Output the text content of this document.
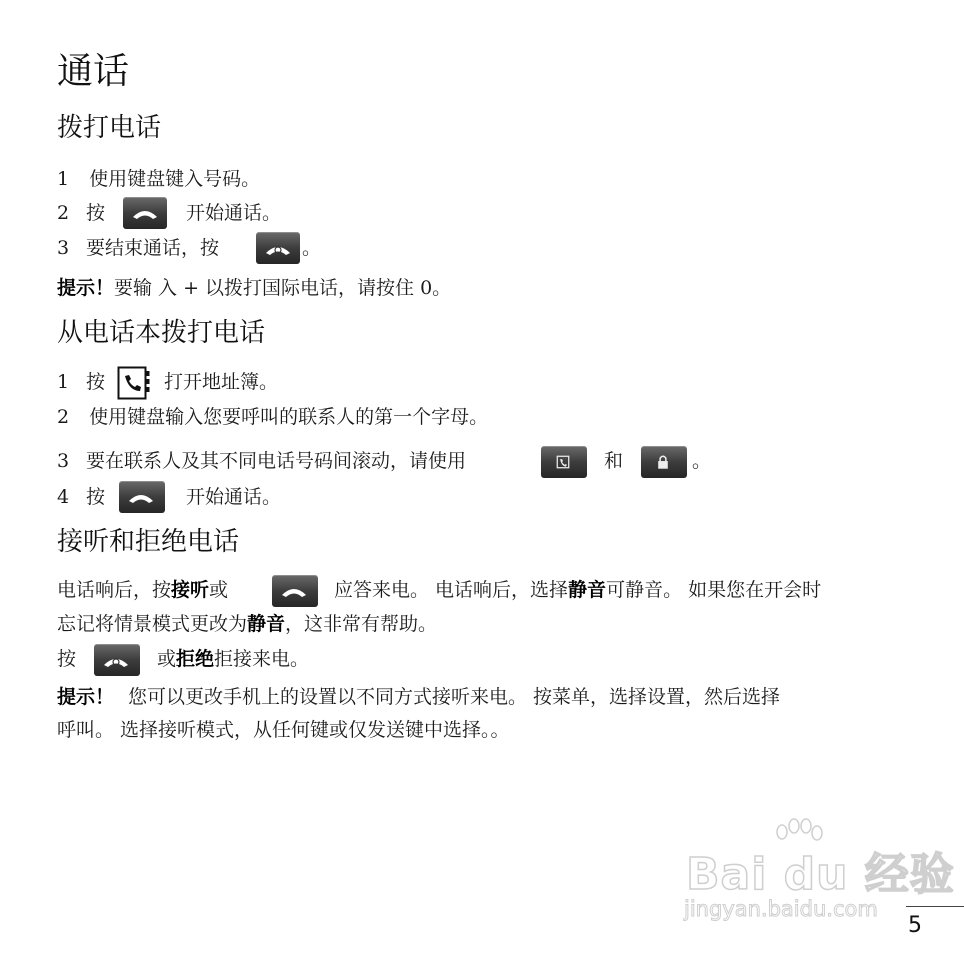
通话
拨打电话
1 使用键盘键入号码。
2 按	开始通话。
3 要结束通话，按	。
提示！要输 入 + 以拨打国际电话，请按住 0。
从电话本拨打电话
1 按	打开地址簿。
2 使用键盘输入您要呼叫的联系人的第一个字母。
3 要在联系人及其不同电话号码间滚动，请使用	和	。
4 按	开始通话。
接听和拒绝电话
电话响后，按接听或	应答来电。 电话响后，选择静音可静音。 如果您在开会时
忘记将情景模式更改为静音，这非常有帮助。
按	或拒绝拒接来电。
提示！ 您可以更改手机上的设置以不同方式接听来电。 按菜单，选择设置，然后选择
呼叫。 选择接听模式，从任何键或仅发送键中选择。。
Bai du 经验
jingyan.baidu.com
5
